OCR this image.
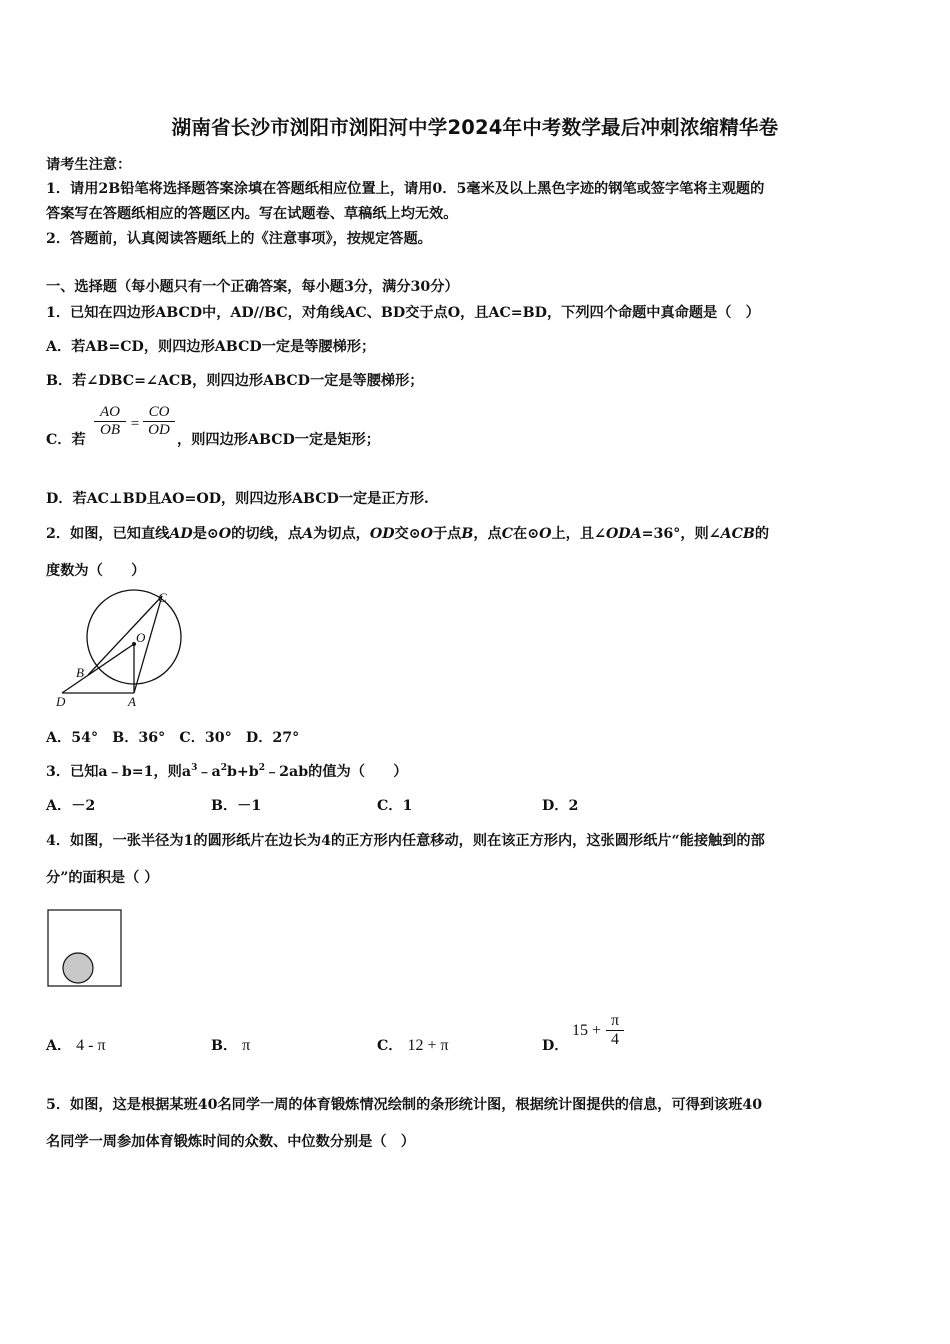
湖南省长沙市浏阳市浏阳河中学2024年中考数学最后冲刺浓缩精华卷
请考生注意：
1．请用2B铅笔将选择题答案涂填在答题纸相应位置上，请用0．5毫米及以上黑色字迹的钢笔或签字笔将主观题的
答案写在答题纸相应的答题区内。写在试题卷、草稿纸上均无效。
2．答题前，认真阅读答题纸上的《注意事项》，按规定答题。
一、选择题（每小题只有一个正确答案，每小题3分，满分30分）
1．已知在四边形ABCD中，AD//BC，对角线AC、BD交于点O，且AC=BD，下列四个命题中真命题是（　）
A．若AB=CD，则四边形ABCD一定是等腰梯形；
B．若∠DBC=∠ACB，则四边形ABCD一定是等腰梯形；
C．若
$\frac{AO}{OB} = \frac{CO}{OD}$
，则四边形ABCD一定是矩形；
D．若AC⊥BD且AO=OD，则四边形ABCD一定是正方形.
2．如图，已知直线AD是⊙O的切线，点A为切点，OD交⊙O于点B，点C在⊙O上，且∠ODA=36°，则∠ACB的
度数为（　　）
C
O
B
D	A
A．54°　B．36°　C．30°　D．27°
3．已知a﹣b=1，则$a^3﹣a^2b+b^2﹣2ab$的值为（　　）
A．－2	B．－1	C．1	D．2
4．如图，一张半径为1的圆形纸片在边长为4的正方形内任意移动，则在该正方形内，这张圆形纸片“能接触到的部
分”的面积是（ ）
A． 4 - π	B． π	C． 12 + π	D．
$15 + \frac{\pi}{4}$
5．如图，这是根据某班40名同学一周的体育锻炼情况绘制的条形统计图，根据统计图提供的信息，可得到该班40
名同学一周参加体育锻炼时间的众数、中位数分别是（　）
